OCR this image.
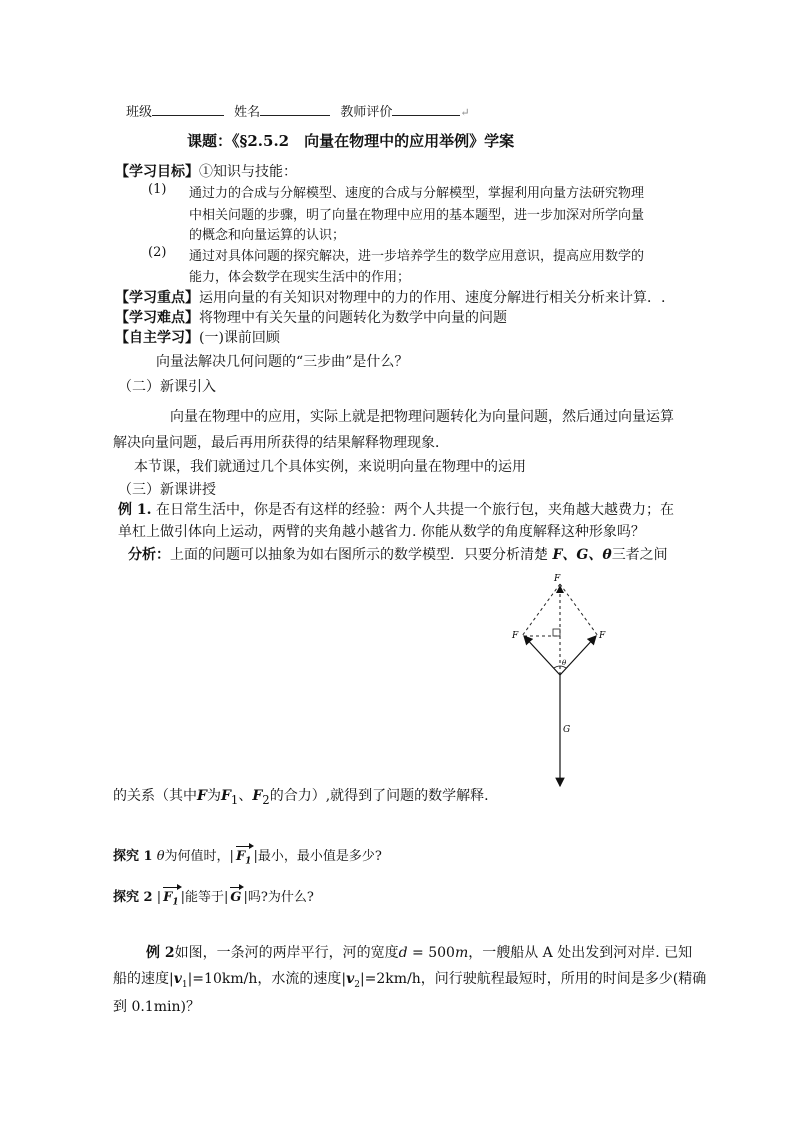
班级	姓名	教师评价	↵
课题：《§2.5.2　向量在物理中的应用举例》学案
【学习目标】①知识与技能：
(1) 通过力的合成与分解模型、速度的合成与分解模型，掌握利用向量方法研究物理
中相关问题的步骤，明了向量在物理中应用的基本题型，进一步加深对所学向量
的概念和向量运算的认识；
(2) 通过对具体问题的探究解决，进一步培养学生的数学应用意识，提高应用数学的
能力，体会数学在现实生活中的作用；
【学习重点】运用向量的有关知识对物理中的力的作用、速度分解进行相关分析来计算．.
【学习难点】将物理中有关矢量的问题转化为数学中向量的问题
【自主学习】(一)课前回顾
向量法解决几何问题的“三步曲”是什么？
（二）新课引入
向量在物理中的应用，实际上就是把物理问题转化为向量问题，然后通过向量运算
解决向量问题，最后再用所获得的结果解释物理现象．
本节课，我们就通过几个具体实例，来说明向量在物理中的运用
（三）新课讲授
例 1. 在日常生活中，你是否有这样的经验：两个人共提一个旅行包，夹角越大越费力；在
单杠上做引体向上运动，两臂的夹角越小越省力. 你能从数学的角度解释这种形象吗？
分析：上面的问题可以抽象为如右图所示的数学模型．只要分析清楚 F、G、θ三者之间
F
F	F
θ
G
的关系（其中F为$F_1$、$F_2$的合力）,就得到了问题的数学解释.
探究 1 θ为何值时，| $F_1$ |最小，最小值是多少?
探究 2 | $F_1$ |能等于| G |吗?为什么?
例 2如图，一条河的两岸平行，河的宽度d = 500m，一艘船从 A 处出发到河对岸. 已知
船的速度$|v_1|=10km/h$，水流的速度$|v_2|=2km/h$，问行驶航程最短时，所用的时间是多少(精确
到 0.1min)？
